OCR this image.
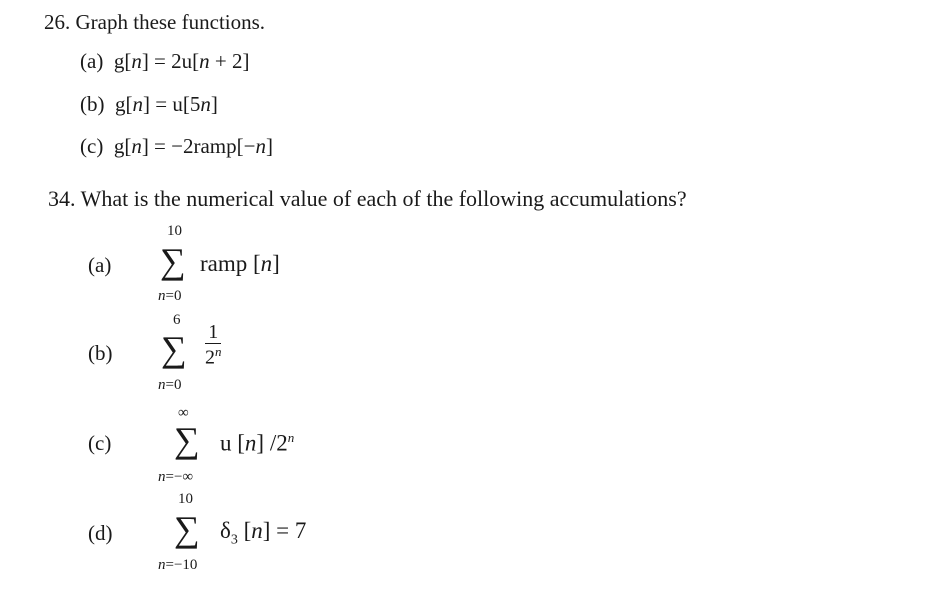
26. Graph these functions.
(a) g[n] = 2u[n + 2]
(b) g[n] = u[5n]
(c) g[n] = −2ramp[−n]
34. What is the numerical value of each of the following accumulations?
(a)
10
∑
n=0
ramp [n]
(b)
6
∑
n=0
$\frac{1}{2^n}$
(c)
∞
∑
n=−∞
u [n] /2$^n$
(d)
10
∑
n=−10
$\delta_3$ [n] = 7
